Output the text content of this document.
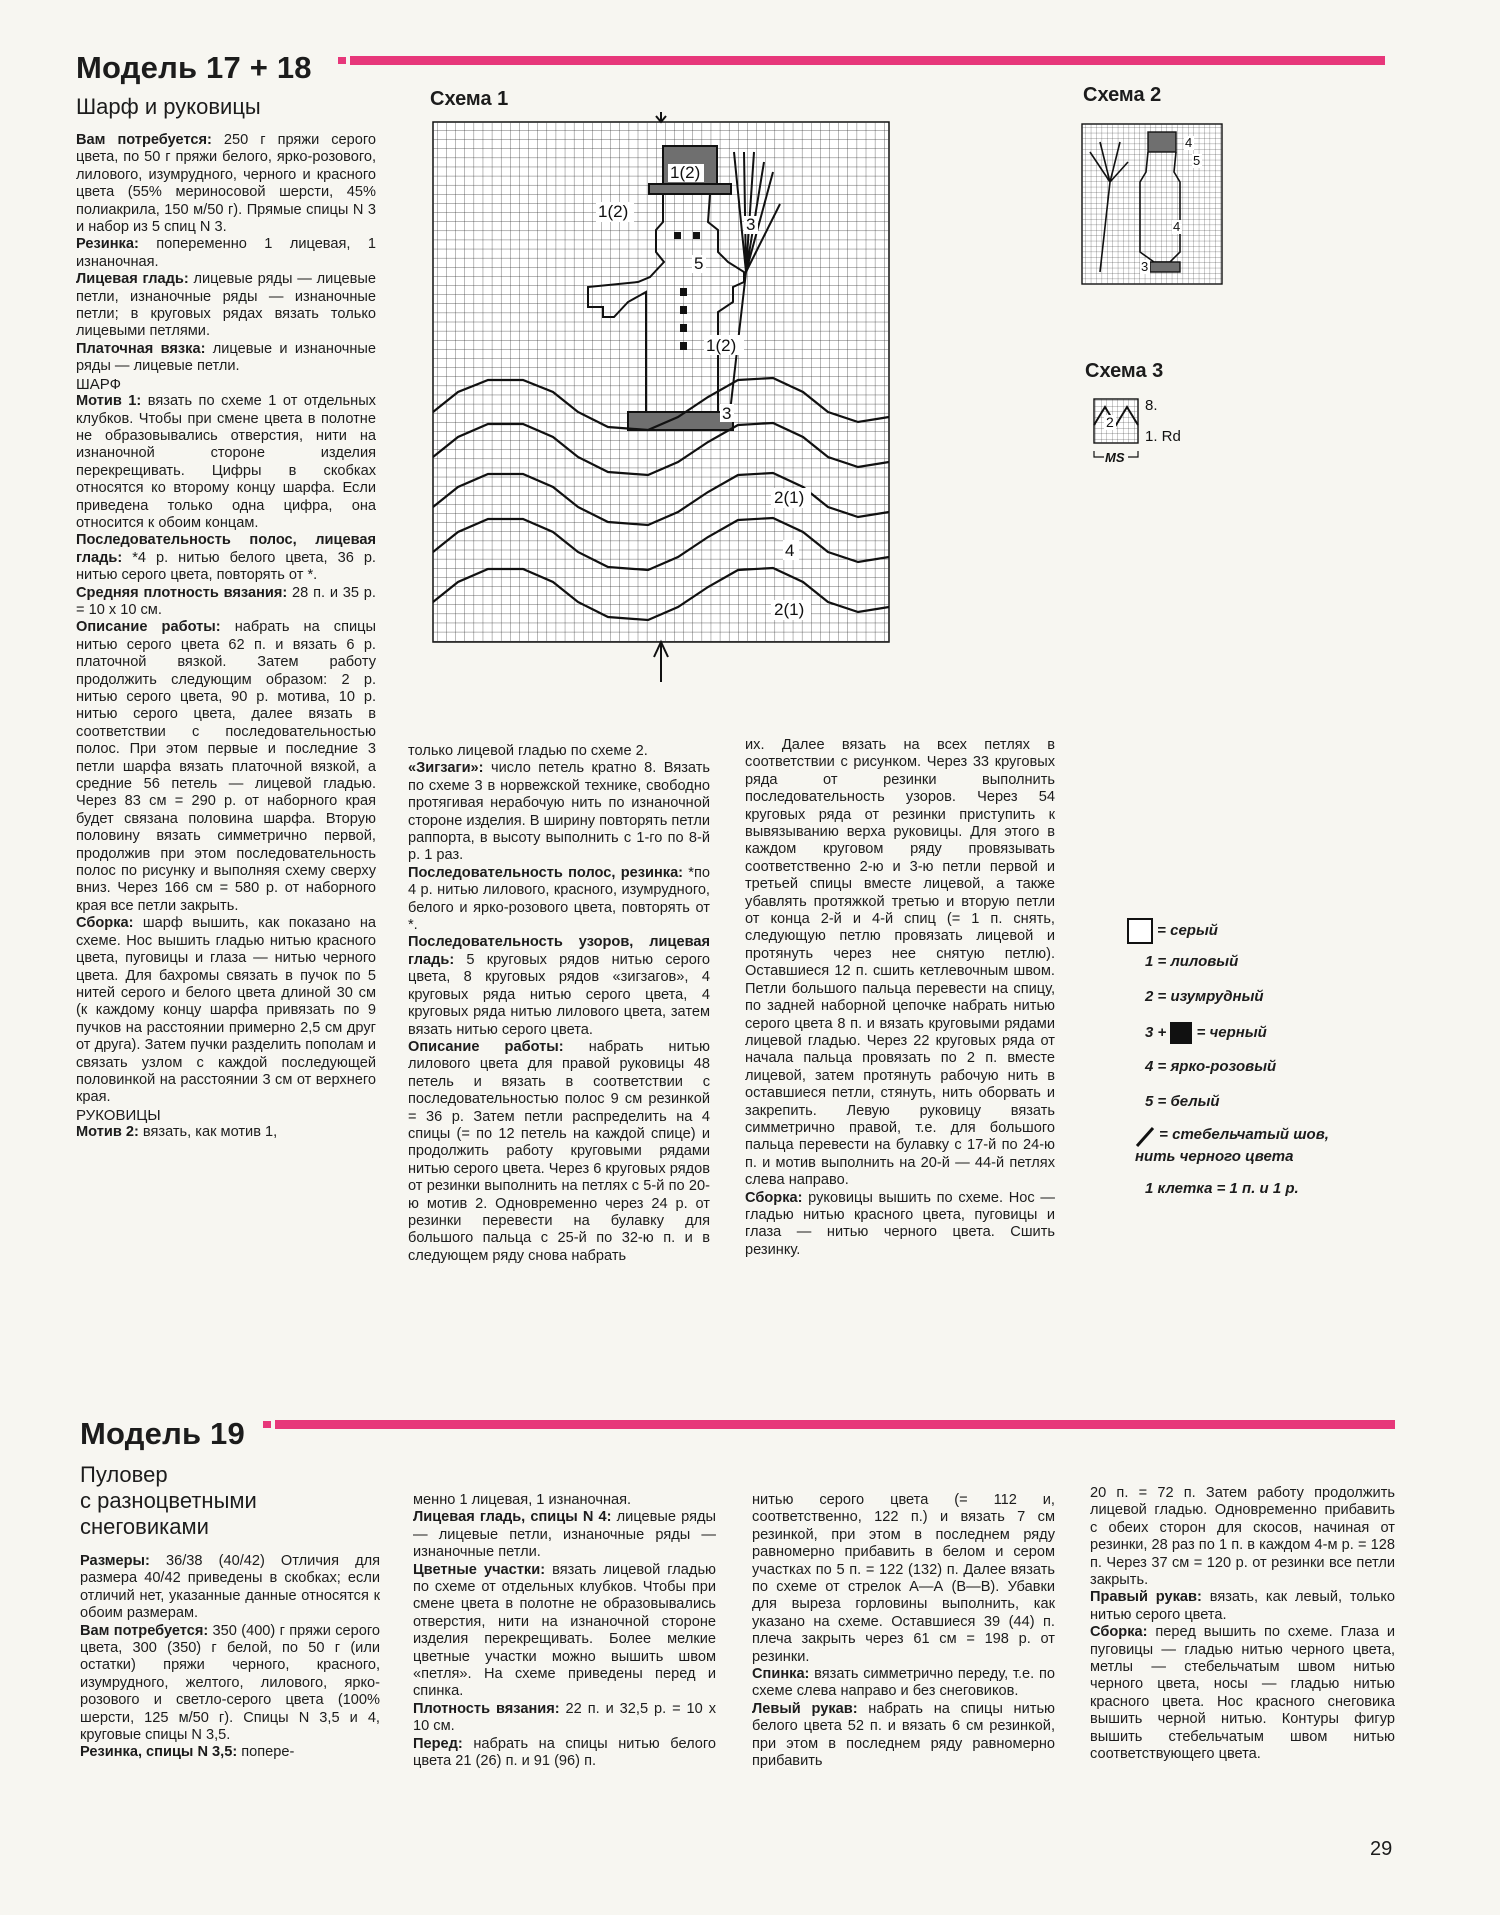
Модель 17 + 18
Шарф и руковицы

Вам потребуется: 250 г пряжи серого цвета, по 50 г пряжи белого, ярко-розового, лилового, изумрудного, черного и красного цвета (55% мериносовой шерсти, 45% полиакрила, 150 м/50 г). Прямые спицы N 3 и набор из 5 спиц N 3.

Резинка: попеременно 1 лицевая, 1 изнаночная.

Лицевая гладь: лицевые ряды — лицевые петли, изнаночные ряды — изнаночные петли; в круговых рядах вязать только лицевыми петлями.

Платочная вязка: лицевые и изнаночные ряды — лицевые петли.

ШАРФ

Мотив 1: вязать по схеме 1 от отдельных клубков. Чтобы при смене цвета в полотне не образовывались отверстия, нити на изнаночной стороне изделия перекрещивать. Цифры в скобках относятся ко второму концу шарфа. Если приведена только одна цифра, она относится к обоим концам.

Последовательность полос, лицевая гладь: *4 р. нитью белого цвета, 36 р. нитью серого цвета, повторять от *.

Средняя плотность вязания: 28 п. и 35 р. = 10 х 10 см.

Описание работы: набрать на спицы нитью серого цвета 62 п. и вязать 6 р. платочной вязкой. Затем работу продолжить следующим образом: 2 р. нитью серого цвета, 90 р. мотива, 10 р. нитью серого цвета, далее вязать в соответствии с последовательностью полос. При этом первые и последние 3 петли шарфа вязать платочной вязкой, а средние 56 петель — лицевой гладью. Через 83 см = 290 р. от наборного края будет связана половина шарфа. Вторую половину вязать симметрично первой, продолжив при этом последовательность полос по рисунку и выполняя схему сверху вниз. Через 166 см = 580 р. от наборного края все петли закрыть.

Сборка: шарф вышить, как показано на схеме. Нос вышить гладью нитью красного цвета, пуговицы и глаза — нитью черного цвета. Для бахромы связать в пучок по 5 нитей серого и белого цвета длиной 30 см (к каждому концу шарфа привязать по 9 пучков на расстоянии примерно 2,5 см друг от друга). Затем пучки разделить пополам и связать узлом с каждой последующей половинкой на расстоянии 3 см от верхнего края.

РУКОВИЦЫ

Мотив 2: вязать, как мотив 1,

только лицевой гладью по схеме 2.

«Зигзаги»: число петель кратно 8. Вязать по схеме 3 в норвежской технике, свободно протягивая нерабочую нить по изнаночной стороне изделия. В ширину повторять петли раппорта, в высоту выполнить с 1-го по 8-й р. 1 раз.

Последовательность полос, резинка: *по 4 р. нитью лилового, красного, изумрудного, белого и ярко-розового цвета, повторять от *.

Последовательность узоров, лицевая гладь: 5 круговых рядов нитью серого цвета, 8 круговых рядов «зигзагов», 4 круговых ряда нитью серого цвета, 4 круговых ряда нитью лилового цвета, затем вязать нитью серого цвета.

Описание работы: набрать нитью лилового цвета для правой руковицы 48 петель и вязать в соответствии с последовательностью полос 9 см резинкой = 36 р. Затем петли распределить на 4 спицы (= по 12 петель на каждой спице) и продолжить работу круговыми рядами нитью серого цвета. Через 6 круговых рядов от резинки выполнить на петлях с 5-й по 20-ю мотив 2. Одновременно через 24 р. от резинки перевести на булавку для большого пальца с 25-й по 32-ю п. и в следующем ряду снова набрать

их. Далее вязать на всех петлях в соответствии с рисунком. Через 33 круговых ряда от резинки выполнить последовательность узоров. Через 54 круговых ряда от резинки приступить к вывязыванию верха руковицы. Для этого в каждом круговом ряду провязывать соответственно 2-ю и 3-ю петли первой и третьей спицы вместе лицевой, а также убавлять протяжкой третью и вторую петли от конца 2-й и 4-й спиц (= 1 п. снять, следующую петлю провязать лицевой и протянуть через нее снятую петлю). Оставшиеся 12 п. сшить кетлевочным швом. Петли большого пальца перевести на спицу, по задней наборной цепочке набрать нитью серого цвета 8 п. и вязать круговыми рядами лицевой гладью. Через 22 круговых ряда от начала пальца провязать по 2 п. вместе лицевой, затем протянуть рабочую нить в оставшиеся петли, стянуть, нить оборвать и закрепить. Левую руковицу вязать симметрично правой, т.е. для большого пальца перевести на булавку с 17-й по 24-ю п. и мотив выполнить на 20-й — 44-й петлях слева направо.

Сборка: руковицы вышить по схеме. Нос — гладью нитью красного цвета, пуговицы и глаза — нитью черного цвета. Сшить резинку.

Схема 1
1(2)
1(2)
3
5
1(2)
3
2(1)
4
2(1)
Схема 2
4
5
4
3
Схема 3
2
8.
1. Rd
MS
= серый
1 = лиловый
2 = изумрудный
3 + = черный
4 = ярко-розовый
5 = белый
= стебельчатый шов, нить черного цвета
1 клетка = 1 п. и 1 р.
Модель 19
Пуловер
с разноцветными
снеговиками

Размеры: 36/38 (40/42) Отличия для размера 40/42 приведены в скобках; если отличий нет, указанные данные относятся к обоим размерам.

Вам потребуется: 350 (400) г пряжи серого цвета, 300 (350) г белой, по 50 г (или остатки) пряжи черного, красного, изумрудного, желтого, лилового, ярко-розового и светло-серого цвета (100% шерсти, 125 м/50 г). Спицы N 3,5 и 4, круговые спицы N 3,5.

Резинка, спицы N 3,5: попере-

менно 1 лицевая, 1 изнаночная.

Лицевая гладь, спицы N 4: лицевые ряды — лицевые петли, изнаночные ряды — изнаночные петли.

Цветные участки: вязать лицевой гладью по схеме от отдельных клубков. Чтобы при смене цвета в полотне не образовывались отверстия, нити на изнаночной стороне изделия перекрещивать. Более мелкие цветные участки можно вышить швом «петля». На схеме приведены перед и спинка.

Плотность вязания: 22 п. и 32,5 р. = 10 х 10 см.

Перед: набрать на спицы нитью белого цвета 21 (26) п. и 91 (96) п.

нитью серого цвета (= 112 и, соответственно, 122 п.) и вязать 7 см резинкой, при этом в последнем ряду равномерно прибавить в белом и сером участках по 5 п. = 122 (132) п. Далее вязать по схеме от стрелок А—А (В—В). Убавки для выреза горловины выполнить, как указано на схеме. Оставшиеся 39 (44) п. плеча закрыть через 61 см = 198 р. от резинки.

Спинка: вязать симметрично переду, т.е. по схеме слева направо и без снеговиков.

Левый рукав: набрать на спицы нитью белого цвета 52 п. и вязать 6 см резинкой, при этом в последнем ряду равномерно прибавить

20 п. = 72 п. Затем работу продолжить лицевой гладью. Одновременно прибавить с обеих сторон для скосов, начиная от резинки, 28 раз по 1 п. в каждом 4-м р. = 128 п. Через 37 см = 120 р. от резинки все петли закрыть.

Правый рукав: вязать, как левый, только нитью серого цвета.

Сборка: перед вышить по схеме. Глаза и пуговицы — гладью нитью черного цвета, метлы — стебельчатым швом нитью черного цвета, носы — гладью нитью красного цвета. Нос красного снеговика вышить черной нитью. Контуры фигур вышить стебельчатым швом нитью соответствующего цвета.

29
